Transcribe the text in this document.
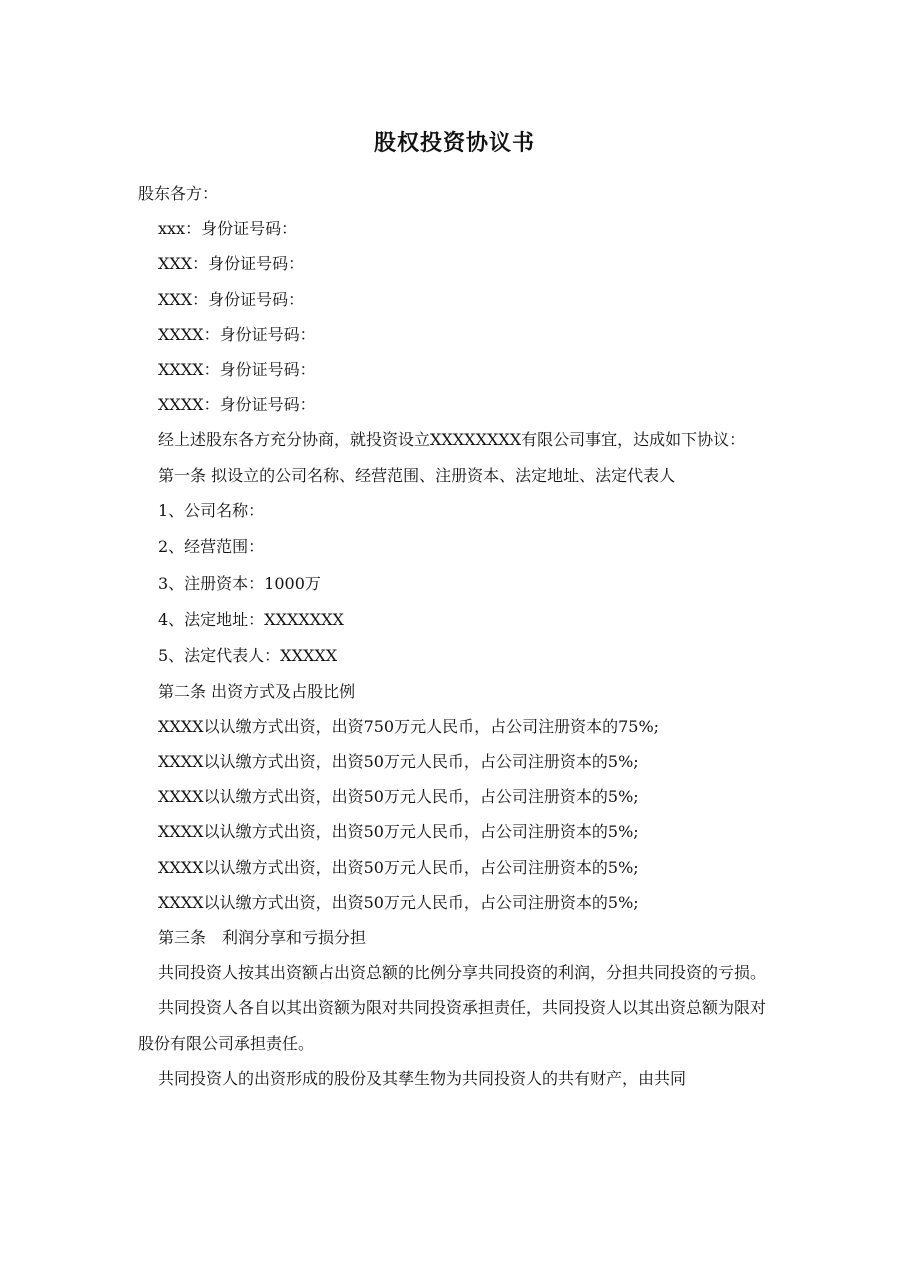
股权投资协议书
股东各方：
xxx：身份证号码：
XXX：身份证号码：
XXX：身份证号码：
XXXX：身份证号码：
XXXX：身份证号码：
XXXX：身份证号码：
经上述股东各方充分协商，就投资设立XXXXXXXX有限公司事宜，达成如下协议：
第一条 拟设立的公司名称、经营范围、注册资本、法定地址、法定代表人
1、公司名称：
2、经营范围：
3、注册资本：1000万
4、法定地址：XXXXXXX
5、法定代表人：XXXXX
第二条 出资方式及占股比例
XXXX以认缴方式出资，出资750万元人民币，占公司注册资本的75%;
XXXX以认缴方式出资，出资50万元人民币，占公司注册资本的5%;
XXXX以认缴方式出资，出资50万元人民币，占公司注册资本的5%;
XXXX以认缴方式出资，出资50万元人民币，占公司注册资本的5%;
XXXX以认缴方式出资，出资50万元人民币，占公司注册资本的5%;
XXXX以认缴方式出资，出资50万元人民币，占公司注册资本的5%;
第三条　利润分享和亏损分担
共同投资人按其出资额占出资总额的比例分享共同投资的利润，分担共同投资的亏损。
共同投资人各自以其出资额为限对共同投资承担责任，共同投资人以其出资总额为限对股份有限公司承担责任。
共同投资人的出资形成的股份及其孳生物为共同投资人的共有财产，由共同
